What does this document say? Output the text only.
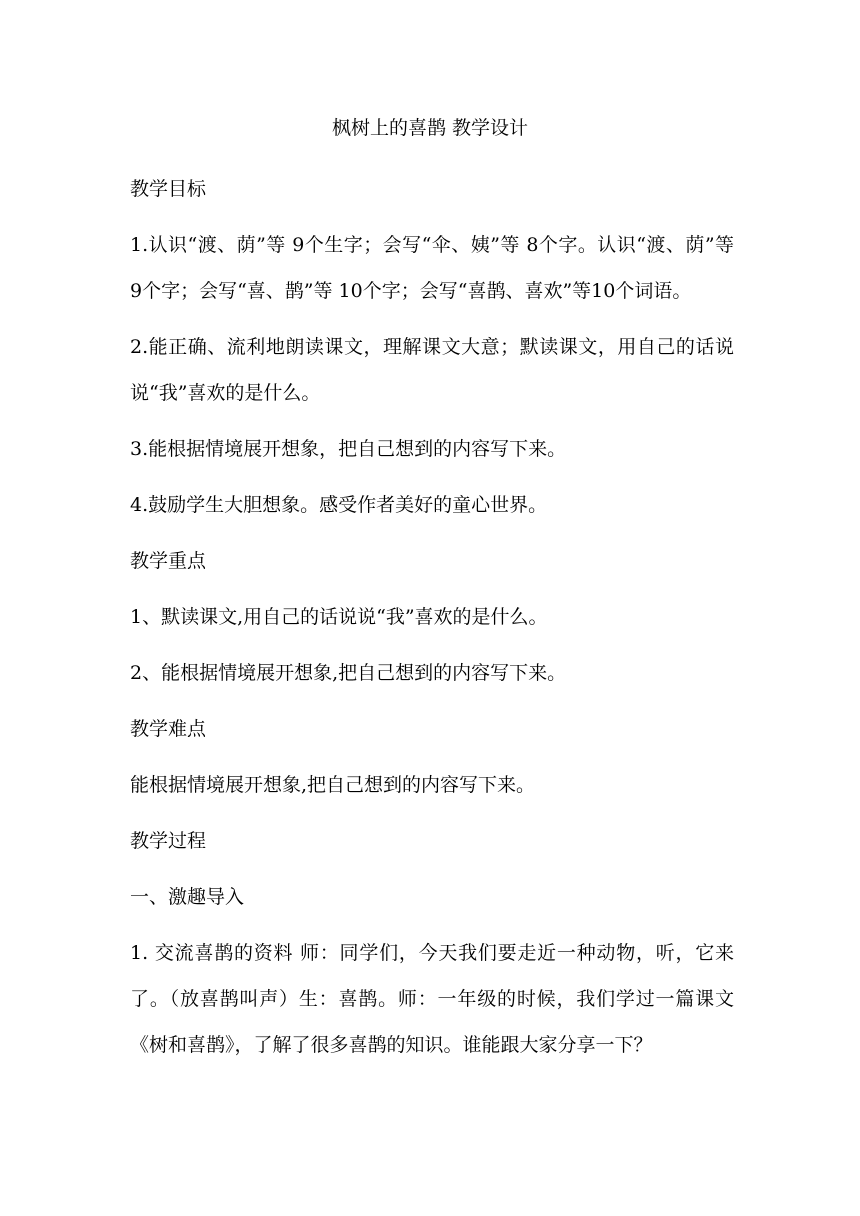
枫树上的喜鹊 教学设计
教学目标
1.认识“渡、荫”等 9个生字；会写“伞、姨”等 8个字。认识“渡、荫”等 9个字；会写“喜、鹊”等 10个字；会写“喜鹊、喜欢”等10个词语。
2.能正确、流利地朗读课文，理解课文大意；默读课文，用自己的话说说“我”喜欢的是什么。
3.能根据情境展开想象，把自己想到的内容写下来。
4.鼓励学生大胆想象。感受作者美好的童心世界。
教学重点
1、默读课文,用自己的话说说“我”喜欢的是什么。
2、能根据情境展开想象,把自己想到的内容写下来。
教学难点
能根据情境展开想象,把自己想到的内容写下来。
教学过程
一、激趣导入
1. 交流喜鹊的资料 师：同学们，今天我们要走近一种动物，听，它来了。（放喜鹊叫声）生：喜鹊。师：一年级的时候，我们学过一篇课文《树和喜鹊》，了解了很多喜鹊的知识。谁能跟大家分享一下？
